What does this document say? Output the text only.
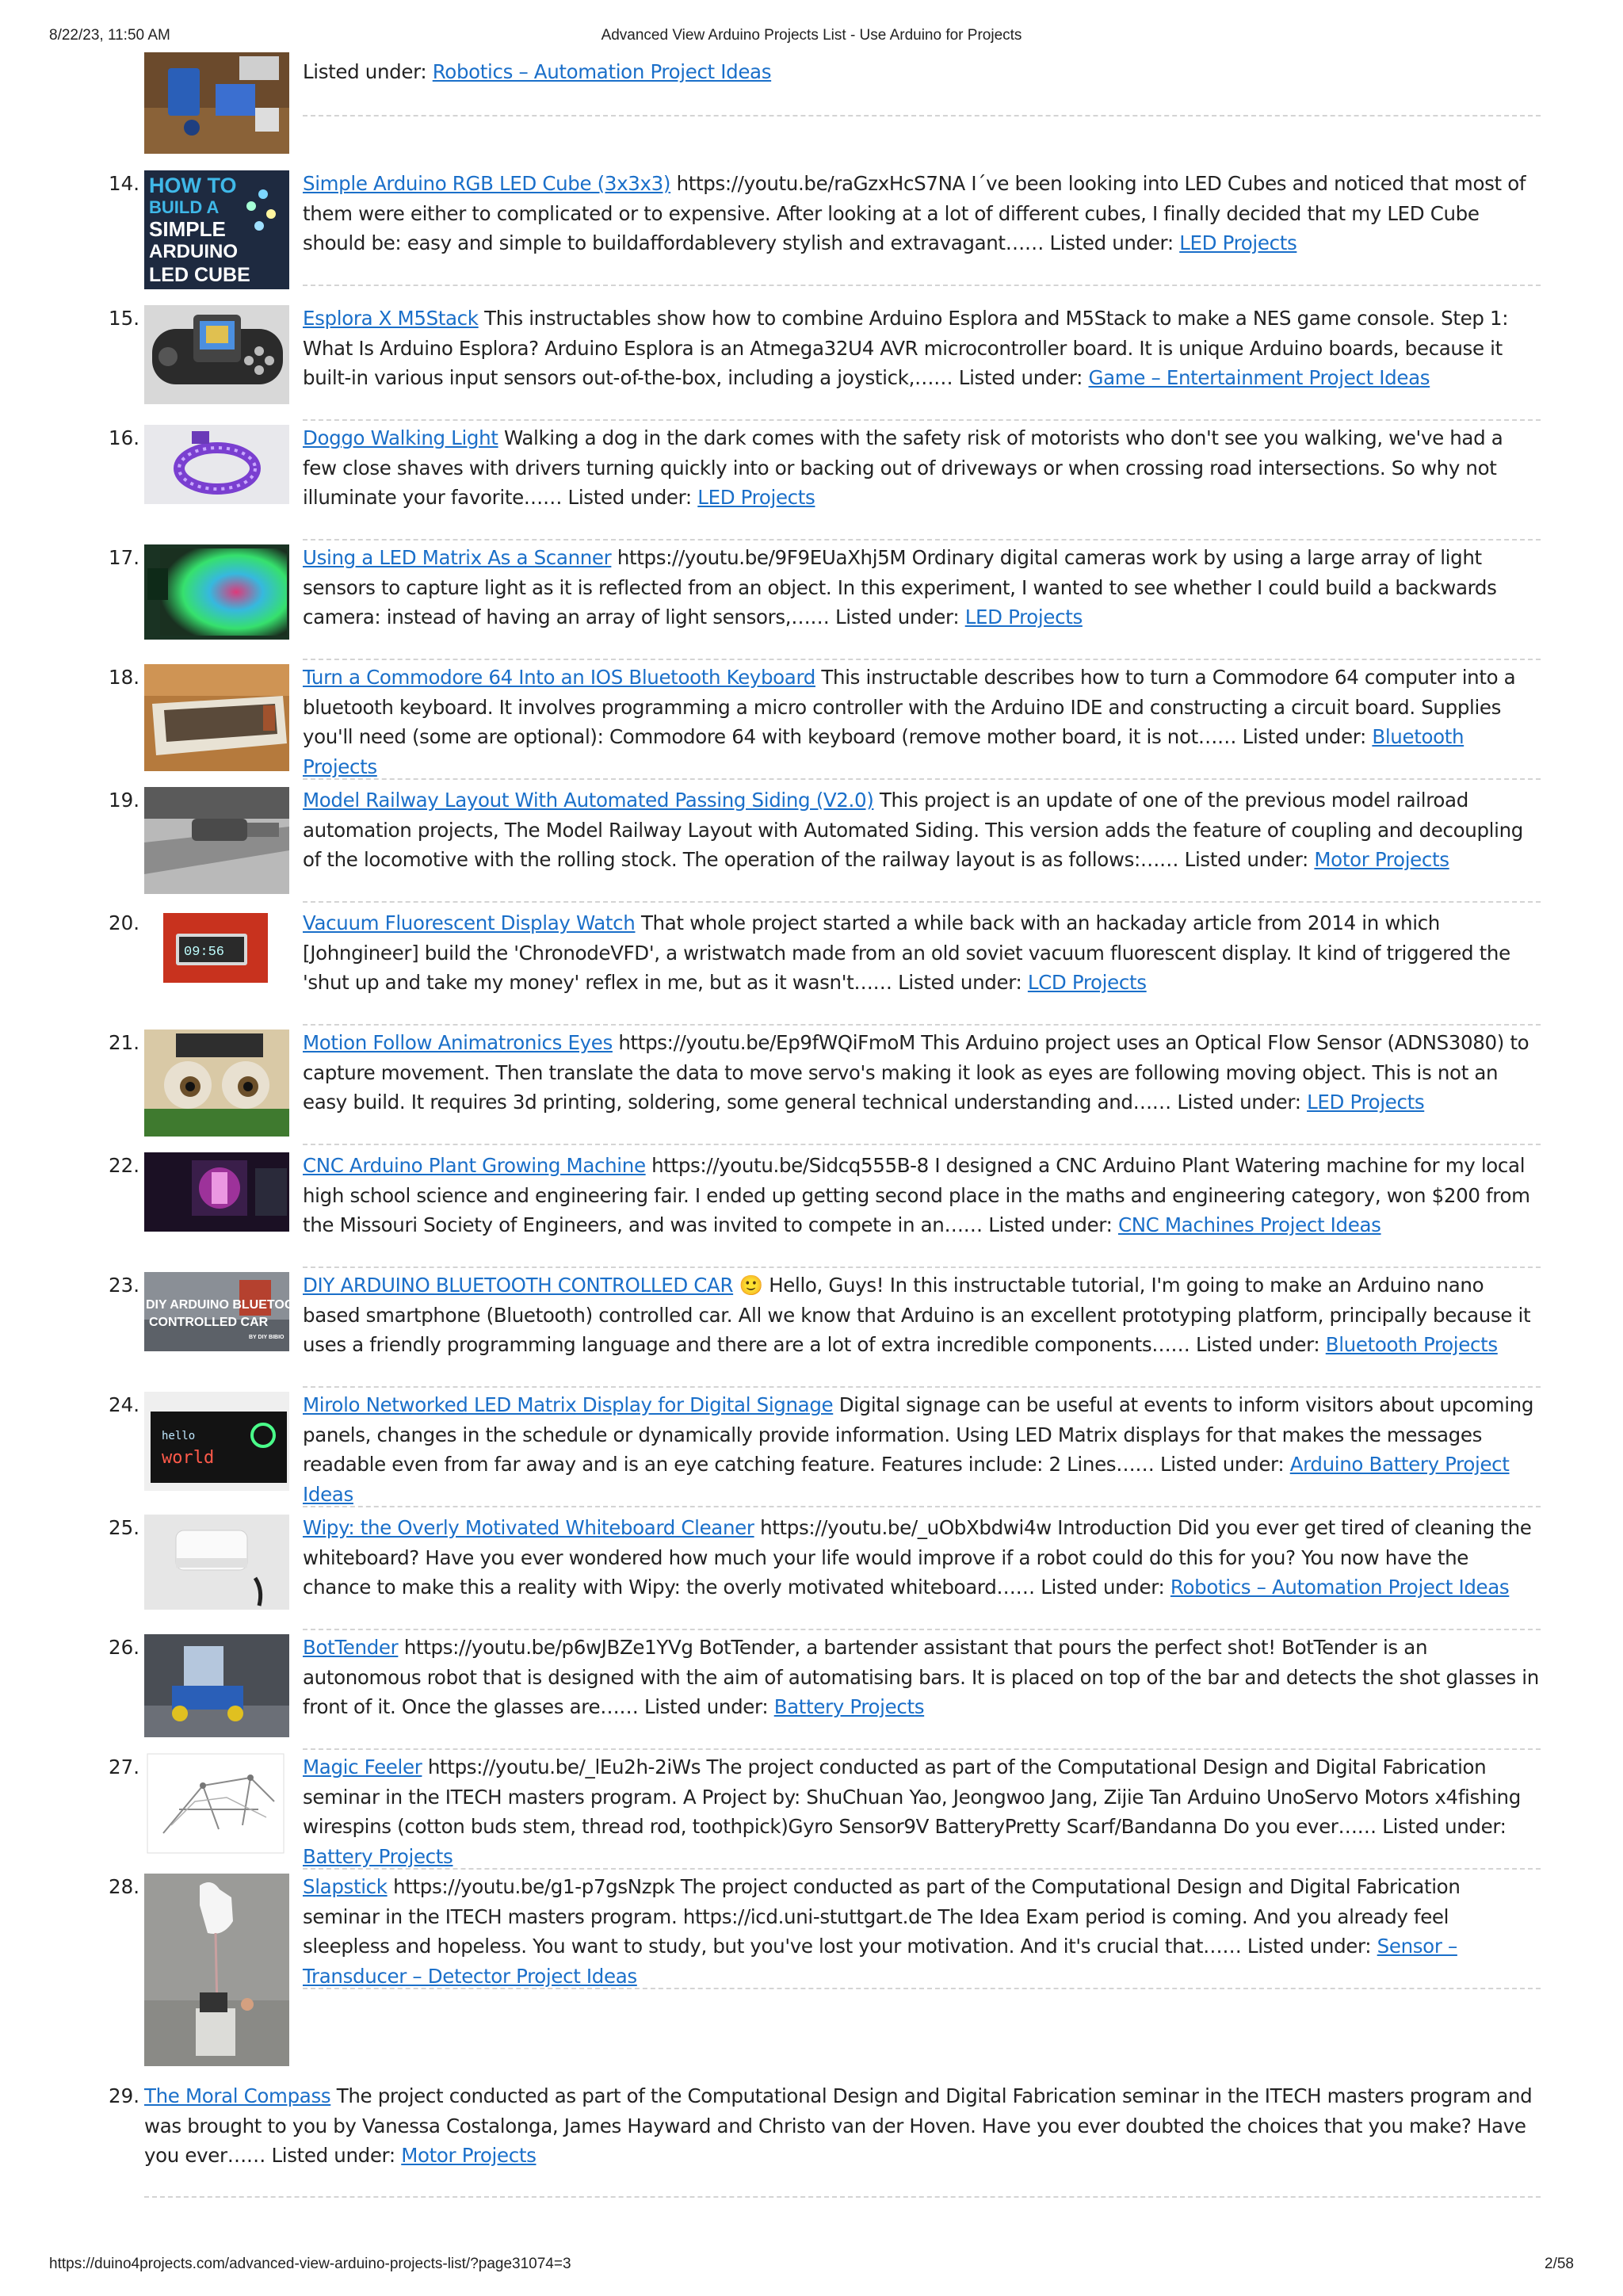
8/22/23, 11:50 AM	Advanced View Arduino Projects List - Use Arduino for Projects
Listed under: Robotics – Automation Project Ideas
14. HOW TO
BUILD A
SIMPLE
ARDUINO
LED CUBE
Simple Arduino RGB LED Cube (3x3x3) https://youtu.be/raGzxHcS7NA I´ve been looking into LED Cubes and noticed that most of them were either to complicated or to expensive. After looking at a lot of different cubes, I finally decided that my LED Cube should be: easy and simple to buildaffordablevery stylish and extravagant…… Listed under: LED Projects
15.	Esplora X M5Stack This instructables show how to combine Arduino Esplora and M5Stack to make a NES game console. Step 1: What Is Arduino Esplora? Arduino Esplora is an Atmega32U4 AVR microcontroller board. It is unique Arduino boards, because it built-in various input sensors out-of-the-box, including a joystick,…… Listed under: Game – Entertainment Project Ideas
16.	Doggo Walking Light Walking a dog in the dark comes with the safety risk of motorists who don't see you walking, we've had a few close shaves with drivers turning quickly into or backing out of driveways or when crossing road intersections. So why not illuminate your favorite…… Listed under: LED Projects
17.	Using a LED Matrix As a Scanner https://youtu.be/9F9EUaXhj5M Ordinary digital cameras work by using a large array of light sensors to capture light as it is reflected from an object. In this experiment, I wanted to see whether I could build a backwards camera: instead of having an array of light sensors,…… Listed under: LED Projects
18.	Turn a Commodore 64 Into an IOS Bluetooth Keyboard This instructable describes how to turn a Commodore 64 computer into a bluetooth keyboard. It involves programming a micro controller with the Arduino IDE and constructing a circuit board. Supplies you'll need (some are optional): Commodore 64 with keyboard (remove mother board, it is not…… Listed under: Bluetooth Projects
19.	Model Railway Layout With Automated Passing Siding (V2.0) This project is an update of one of the previous model railroad automation projects, The Model Railway Layout with Automated Siding. This version adds the feature of coupling and decoupling of the locomotive with the rolling stock. The operation of the railway layout is as follows:…… Listed under: Motor Projects
20.
09:56
Vacuum Fluorescent Display Watch That whole project started a while back with an hackaday article from 2014 in which [Johngineer] build the 'ChronodeVFD', a wristwatch made from an old soviet vacuum fluorescent display. It kind of triggered the 'shut up and take my money' reflex in me, but as it wasn't…… Listed under: LCD Projects
21.	Motion Follow Animatronics Eyes https://youtu.be/Ep9fWQiFmoM This Arduino project uses an Optical Flow Sensor (ADNS3080) to capture movement. Then translate the data to move servo's making it look as eyes are following moving object. This is not an easy build. It requires 3d printing, soldering, some general technical understanding and…… Listed under: LED Projects
22.	CNC Arduino Plant Growing Machine https://youtu.be/Sidcq555B-8 I designed a CNC Arduino Plant Watering machine for my local high school science and engineering fair. I ended up getting second place in the maths and engineering category, won $200 from the Missouri Society of Engineers, and was invited to compete in an…… Listed under: CNC Machines Project Ideas
23.
DIY ARDUINO BLUETOOTH
CONTROLLED CAR
BY DIY BIBIO
DIY ARDUINO BLUETOOTH CONTROLLED CAR 🙂 Hello, Guys! In this instructable tutorial, I'm going to make an Arduino nano based smartphone (Bluetooth) controlled car. All we know that Arduino is an excellent prototyping platform, principally because it uses a friendly programming language and there are a lot of extra incredible components…… Listed under: Bluetooth Projects
24.
hello
world
Mirolo Networked LED Matrix Display for Digital Signage Digital signage can be useful at events to inform visitors about upcoming panels, changes in the schedule or dynamically provide information. Using LED Matrix displays for that makes the messages readable even from far away and is an eye catching feature. Features include: 2 Lines…… Listed under: Arduino Battery Project Ideas
25.	Wipy: the Overly Motivated Whiteboard Cleaner https://youtu.be/_uObXbdwi4w Introduction Did you ever get tired of cleaning the whiteboard? Have you ever wondered how much your life would improve if a robot could do this for you? You now have the chance to make this a reality with Wipy: the overly motivated whiteboard…… Listed under: Robotics – Automation Project Ideas
26.	BotTender https://youtu.be/p6wJBZe1YVg BotTender, a bartender assistant that pours the perfect shot! BotTender is an autonomous robot that is designed with the aim of automatising bars. It is placed on top of the bar and detects the shot glasses in front of it. Once the glasses are…… Listed under: Battery Projects
27.	Magic Feeler https://youtu.be/_lEu2h-2iWs The project conducted as part of the Computational Design and Digital Fabrication seminar in the ITECH masters program. A Project by: ShuChuan Yao, Jeongwoo Jang, Zijie Tan Arduino UnoServo Motors x4fishing wirespins (cotton buds stem, thread rod, toothpick)Gyro Sensor9V BatteryPretty Scarf/Bandanna Do you ever…… Listed under: Battery Projects
28.	Slapstick https://youtu.be/g1-p7gsNzpk The project conducted as part of the Computational Design and Digital Fabrication seminar in the ITECH masters program. https://icd.uni-stuttgart.de The Idea Exam period is coming. And you already feel sleepless and hopeless. You want to study, but you've lost your motivation. And it's crucial that…… Listed under: Sensor – Transducer – Detector Project Ideas
29. The Moral Compass The project conducted as part of the Computational Design and Digital Fabrication seminar in the ITECH masters program and was brought to you by Vanessa Costalonga, James Hayward and Christo van der Hoven. Have you ever doubted the choices that you make? Have you ever…… Listed under: Motor Projects
https://duino4projects.com/advanced-view-arduino-projects-list/?page31074=3	2/58
